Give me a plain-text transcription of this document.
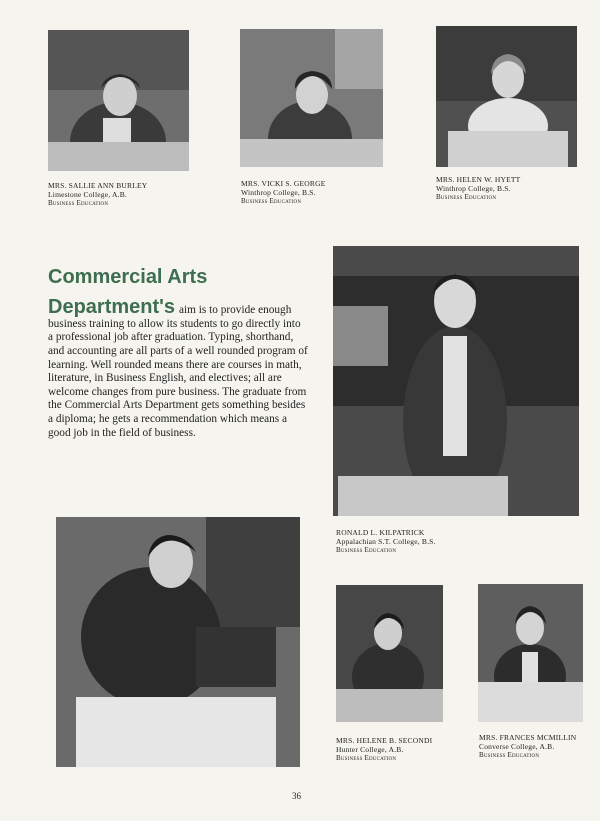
MRS. SALLIE ANN BURLEY
Limestone College, A.B.
Business Education
MRS. VICKI S. GEORGE
Winthrop College, B.S.
Business Education
MRS. HELEN W. HYETT
Winthrop College, B.S.
Business Education
Commercial Arts

Department's aim is to provide enough business training to allow its students to go directly into a professional job after graduation. Typing, shorthand, and accounting are all parts of a well rounded program of learning. Well rounded means there are courses in math, literature, in Business English, and electives; all are welcome changes from pure business. The graduate from the Commercial Arts Department gets something besides a diploma; he gets a recommendation which means a good job in the field of business.

RONALD L. KILPATRICK
Appalachian S.T. College, B.S.
Business Education
MRS. HELENE B. SECONDI
Hunter College, A.B.
Business Education
MRS. FRANCES MCMILLIN
Converse College, A.B.
Business Education
36
